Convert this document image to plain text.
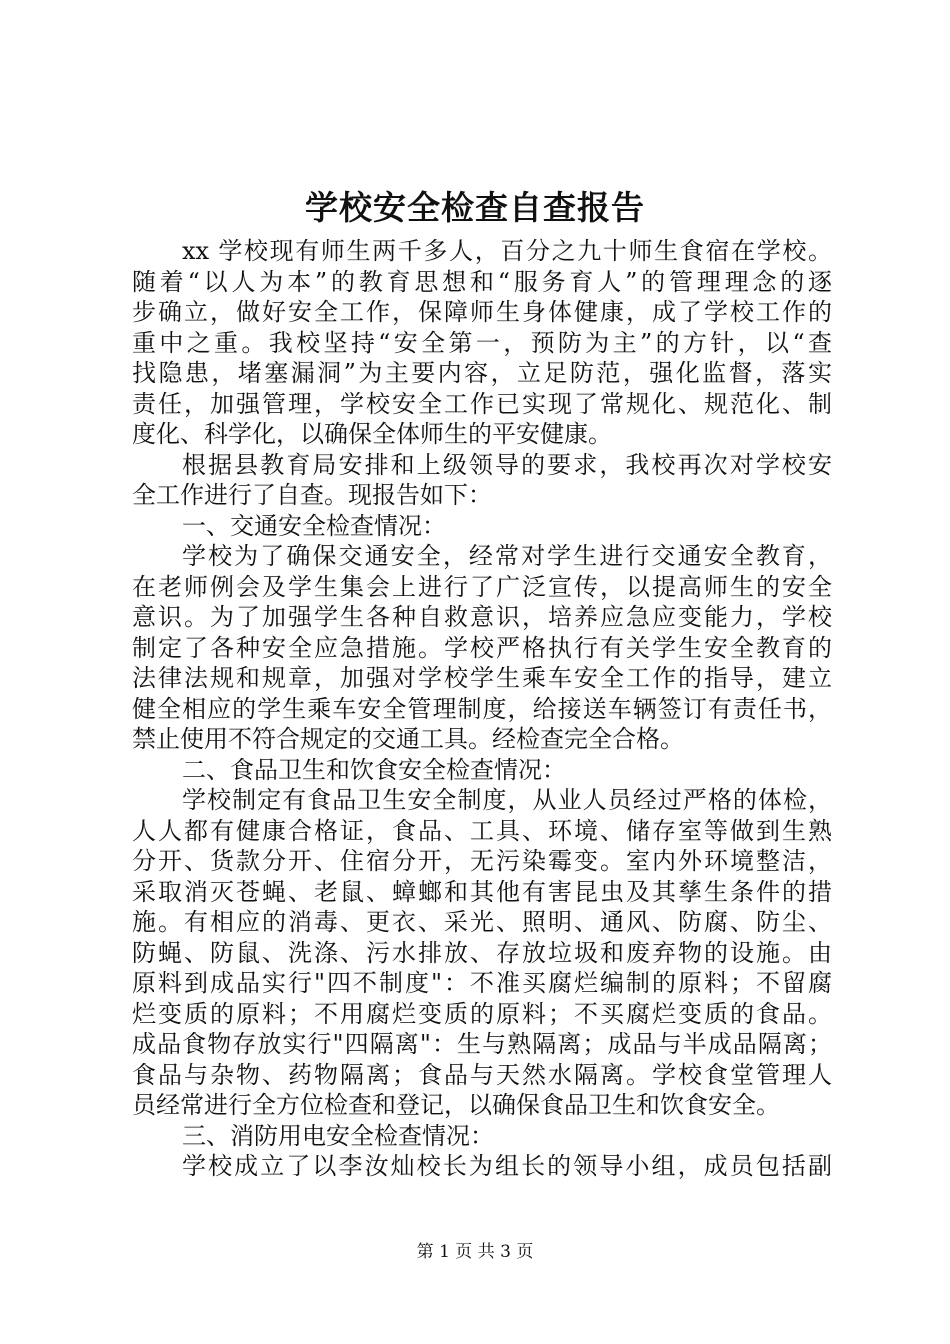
学校安全检查自查报告
xx 学校现有师生两千多人，百分之九十师生食宿在学校。
随着“以人为本”的教育思想和“服务育人”的管理理念的逐
步确立，做好安全工作，保障师生身体健康，成了学校工作的
重中之重。我校坚持“安全第一，预防为主”的方针，以“查
找隐患，堵塞漏洞”为主要内容，立足防范，强化监督，落实
责任，加强管理，学校安全工作已实现了常规化、规范化、制
度化、科学化，以确保全体师生的平安健康。
根据县教育局安排和上级领导的要求，我校再次对学校安
全工作进行了自查。现报告如下：
一、交通安全检查情况：
学校为了确保交通安全，经常对学生进行交通安全教育，
在老师例会及学生集会上进行了广泛宣传，以提高师生的安全
意识。为了加强学生各种自救意识，培养应急应变能力，学校
制定了各种安全应急措施。学校严格执行有关学生安全教育的
法律法规和规章，加强对学校学生乘车安全工作的指导，建立
健全相应的学生乘车安全管理制度，给接送车辆签订有责任书，
禁止使用不符合规定的交通工具。经检查完全合格。
二、食品卫生和饮食安全检查情况：
学校制定有食品卫生安全制度，从业人员经过严格的体检，
人人都有健康合格证，食品、工具、环境、储存室等做到生熟
分开、货款分开、住宿分开，无污染霉变。室内外环境整洁，
采取消灭苍蝇、老鼠、蟑螂和其他有害昆虫及其孳生条件的措
施。有相应的消毒、更衣、采光、照明、通风、防腐、防尘、
防蝇、防鼠、洗涤、污水排放、存放垃圾和废弃物的设施。由
原料到成品实行"四不制度"：不准买腐烂编制的原料；不留腐
烂变质的原料；不用腐烂变质的原料；不买腐烂变质的食品。
成品食物存放实行"四隔离"：生与熟隔离；成品与半成品隔离；
食品与杂物、药物隔离；食品与天然水隔离。学校食堂管理人
员经常进行全方位检查和登记，以确保食品卫生和饮食安全。
三、消防用电安全检查情况：
学校成立了以李汝灿校长为组长的领导小组，成员包括副
第 1 页 共 3 页
